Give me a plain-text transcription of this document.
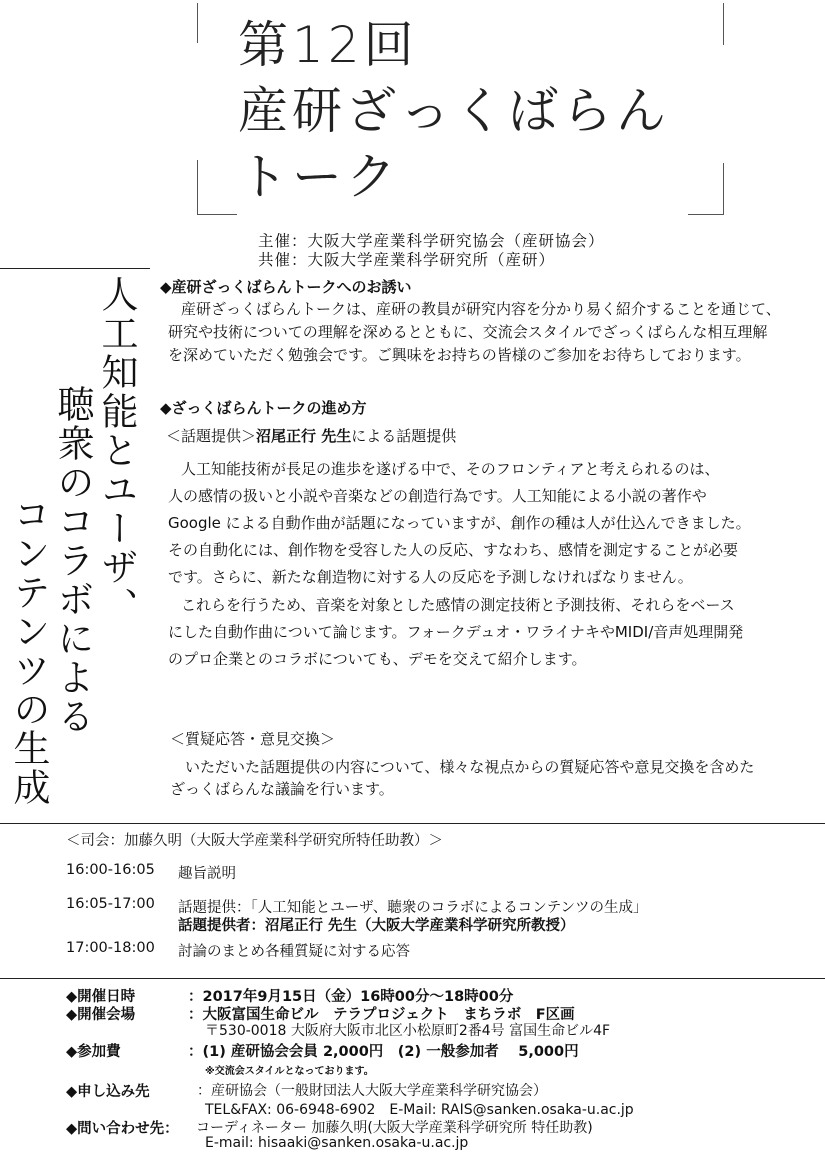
第12回
産研ざっくばらん
トーク
主催：大阪大学産業科学研究協会（産研協会）
共催：大阪大学産業科学研究所（産研）
人工知能とユーザ、
聴衆のコラボによる
コンテンツの生成
◆産研ざっくばらんトークへのお誘い
産研ざっくばらんトークは、産研の教員が研究内容を分かり易く紹介することを通じて、
研究や技術についての理解を深めるとともに、交流会スタイルでざっくばらんな相互理解
を深めていただく勉強会です。ご興味をお持ちの皆様のご参加をお待ちしております。
◆ざっくばらんトークの進め方
＜話題提供＞沼尾正行 先生による話題提供
人工知能技術が長足の進歩を遂げる中で、そのフロンティアと考えられるのは、
人の感情の扱いと小説や音楽などの創造行為です。人工知能による小説の著作や
Google による自動作曲が話題になっていますが、創作の種は人が仕込んできました。
その自動化には、創作物を受容した人の反応、すなわち、感情を測定することが必要
です。さらに、新たな創造物に対する人の反応を予測しなければなりません。
これらを行うため、音楽を対象とした感情の測定技術と予測技術、それらをベース
にした自動作曲について論じます。フォークデュオ・ワライナキやMIDI/音声処理開発
のプロ企業とのコラボについても、デモを交えて紹介します。
＜質疑応答・意見交換＞
いただいた話題提供の内容について、様々な視点からの質疑応答や意見交換を含めた
ざっくばらんな議論を行います。
＜司会：加藤久明（大阪大学産業科学研究所特任助教）＞
16:00-16:05 趣旨説明
16:05-17:00 話題提供：「人工知能とユーザ、聴衆のコラボによるコンテンツの生成」
話題提供者：沼尾正行 先生（大阪大学産業科学研究所教授）
17:00-18:00 討論のまとめ各種質疑に対する応答
◆開催日時	：2017年9月15日（金）16時00分～18時00分
◆開催会場	：大阪富国生命ビル　テラプロジェクト　まちラボ　F区画
〒530-0018 大阪府大阪市北区小松原町2番4号 富国生命ビル4F
◆参加費	：(1) 産研協会会員 2,000円　(2) 一般参加者　 5,000円
※交流会スタイルとなっております。
◆申し込み先	：産研協会（一般財団法人大阪大学産業科学研究協会）
TEL&FAX: 06-6948-6902　E-Mail: RAIS@sanken.osaka-u.ac.jp
◆問い合わせ先： コーディネーター 加藤久明(大阪大学産業科学研究所 特任助教)
E-mail: hisaaki@sanken.osaka-u.ac.jp
